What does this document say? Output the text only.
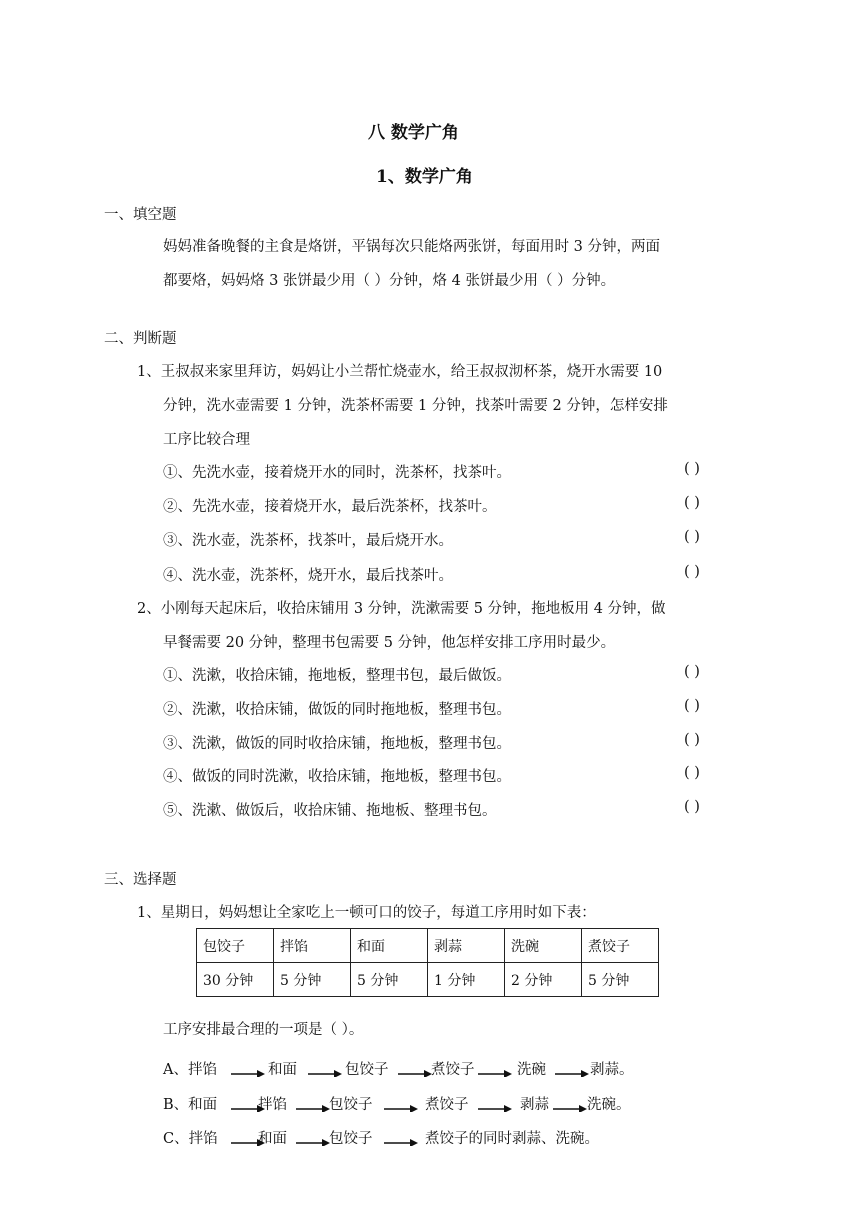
八 数学广角
1、数学广角
一、填空题
妈妈准备晚餐的主食是烙饼，平锅每次只能烙两张饼，每面用时 3 分钟，两面
都要烙，妈妈烙 3 张饼最少用（ ）分钟，烙 4 张饼最少用（ ）分钟。
二、判断题
1、王叔叔来家里拜访，妈妈让小兰帮忙烧壶水，给王叔叔沏杯茶，烧开水需要 10
分钟，洗水壶需要 1 分钟，洗茶杯需要 1 分钟，找茶叶需要 2 分钟，怎样安排
工序比较合理
①、先洗水壶，接着烧开水的同时，洗茶杯，找茶叶。	( )
②、先洗水壶，接着烧开水，最后洗茶杯，找茶叶。	( )
③、洗水壶，洗茶杯，找茶叶，最后烧开水。	( )
④、洗水壶，洗茶杯，烧开水，最后找茶叶。	( )
2、小刚每天起床后，收拾床铺用 3 分钟，洗漱需要 5 分钟，拖地板用 4 分钟，做
早餐需要 20 分钟，整理书包需要 5 分钟，他怎样安排工序用时最少。
①、洗漱，收拾床铺，拖地板，整理书包，最后做饭。	( )
②、洗漱，收拾床铺，做饭的同时拖地板，整理书包。	( )
③、洗漱，做饭的同时收拾床铺，拖地板，整理书包。	( )
④、做饭的同时洗漱，收拾床铺，拖地板，整理书包。	( )
⑤、洗漱、做饭后，收拾床铺、拖地板、整理书包。	( )
三、选择题
1、星期日，妈妈想让全家吃上一顿可口的饺子，每道工序用时如下表：
包饺子	拌馅	和面	剥蒜	洗碗	煮饺子
30 分钟	5 分钟	5 分钟	1 分钟	2 分钟	5 分钟
工序安排最合理的一项是（ ）。
A、拌馅	和面	包饺子	煮饺子	洗碗	剥蒜。
B、和面	拌馅	包饺子	煮饺子	剥蒜	洗碗。
C、拌馅	和面	包饺子	煮饺子的同时剥蒜、洗碗。
